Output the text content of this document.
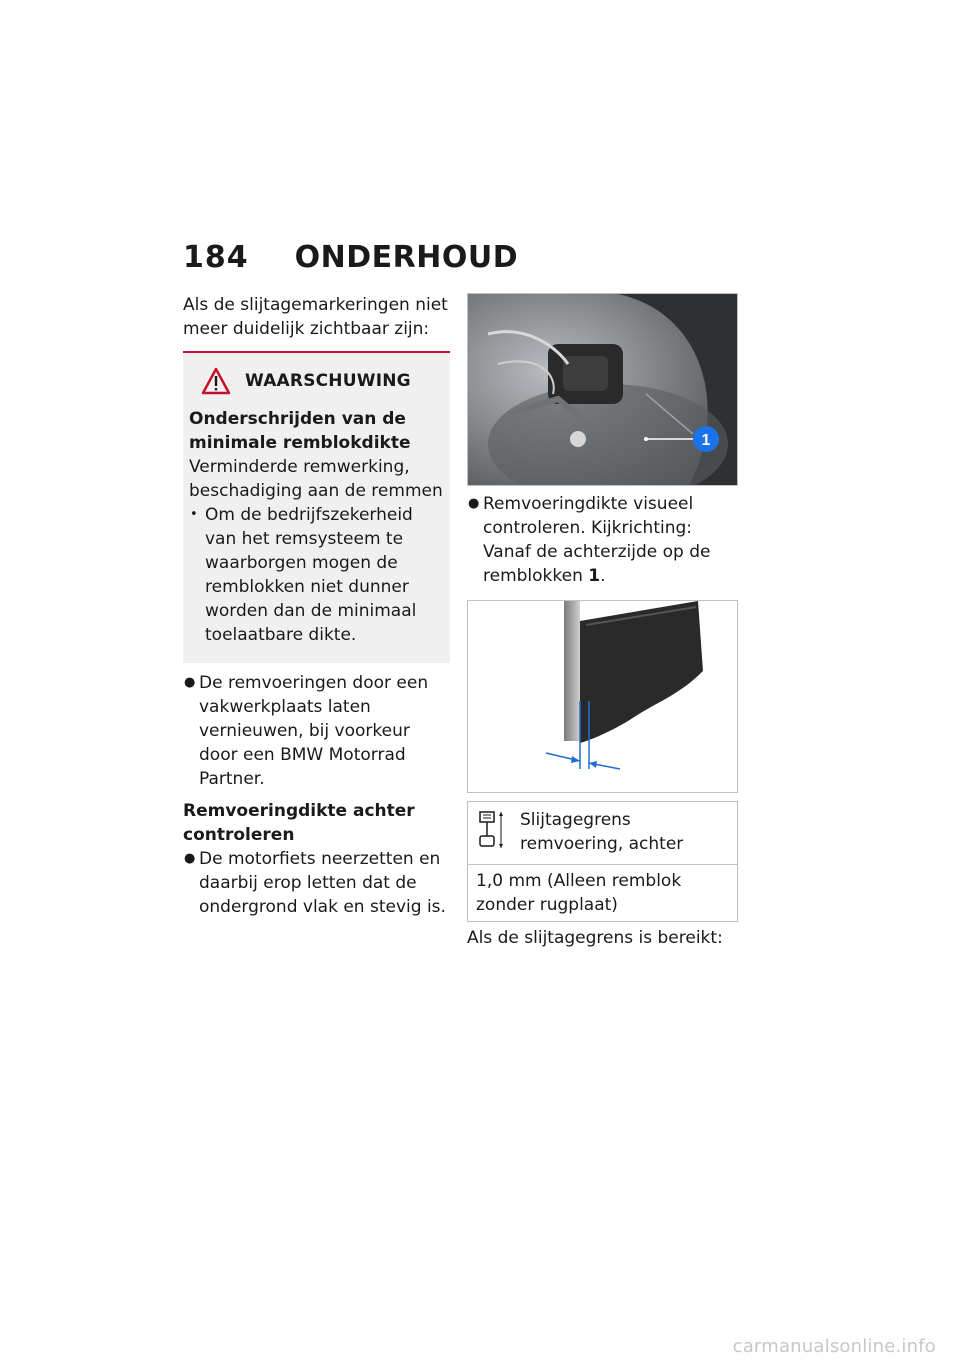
184 ONDERHOUD

Als de slijtagemarkeringen niet meer duidelijk zichtbaar zijn:

WAARSCHUWING

Onderschrijden van de minimale remblokdikte

Verminderde remwerking, beschadiging aan de remmen

• Om de bedrijfszekerheid van het remsysteem te waarborgen mogen de remblokken niet dunner worden dan de minimaal toelaatbare dikte.
● De remvoeringen door een vakwerkplaats laten vernieuwen, bij voorkeur door een BMW Motorrad Partner.

Remvoeringdikte achter controleren

● De motorfiets neerzetten en daarbij erop letten dat de ondergrond vlak en stevig is.
1
● Remvoeringdikte visueel controleren. Kijkrichting: Vanaf de achterzijde op de remblokken 1.
Slijtagegrens remvoering, achter
1,0 mm (Alleen remblok zonder rugplaat)

Als de slijtagegrens is bereikt:

carmanualsonline.info
